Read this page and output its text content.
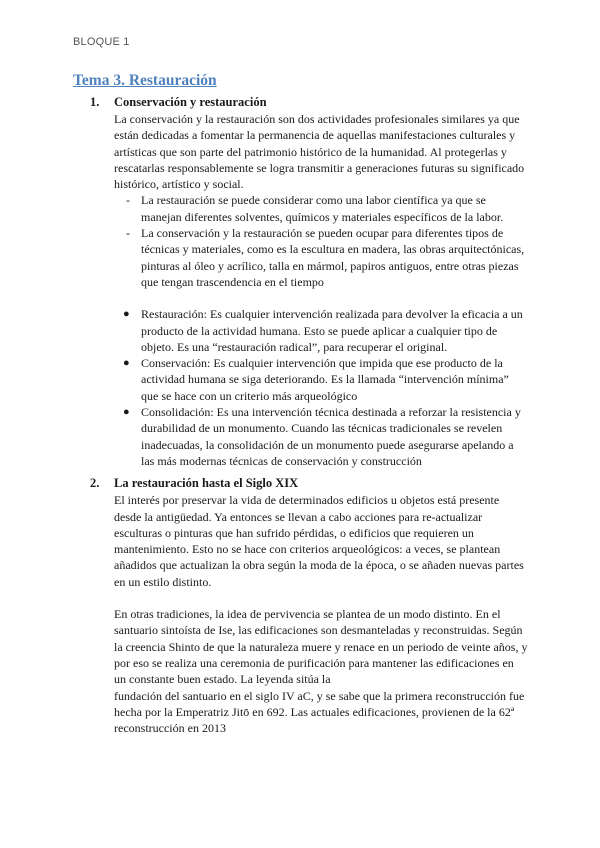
BLOQUE 1
Tema 3. Restauración
1.	Conservación y restauración
La conservación y la restauración son dos actividades profesionales similares ya que están dedicadas a fomentar la permanencia de aquellas manifestaciones culturales y artísticas que son parte del patrimonio histórico de la humanidad. Al protegerlas y rescatarlas responsablemente se logra transmitir a generaciones futuras su significado histórico, artístico y social.
- La restauración se puede considerar como una labor científica ya que se manejan diferentes solventes, químicos y materiales específicos de la labor.
- La conservación y la restauración se pueden ocupar para diferentes tipos de técnicas y materiales, como es la escultura en madera, las obras arquitectónicas, pinturas al óleo y acrílico, talla en mármol, papiros antiguos, entre otras piezas que tengan trascendencia en el tiempo
● Restauración: Es cualquier intervención realizada para devolver la eficacia a un producto de la actividad humana. Esto se puede aplicar a cualquier tipo de objeto. Es una “restauración radical”, para recuperar el original.
● Conservación: Es cualquier intervención que impida que ese producto de la actividad humana se siga deteriorando. Es la llamada “intervención mínima” que se hace con un criterio más arqueológico
● Consolidación: Es una intervención técnica destinada a reforzar la resistencia y durabilidad de un monumento. Cuando las técnicas tradicionales se revelen inadecuadas, la consolidación de un monumento puede asegurarse apelando a las más modernas técnicas de conservación y construcción
2.	La restauración hasta el Siglo XIX
El interés por preservar la vida de determinados edificios u objetos está presente desde la antigüedad. Ya entonces se llevan a cabo acciones para re-actualizar esculturas o pinturas que han sufrido pérdidas, o edificios que requieren un mantenimiento. Esto no se hace con criterios arqueológicos: a veces, se plantean añadidos que actualizan la obra según la moda de la época, o se añaden nuevas partes en un estilo distinto.
En otras tradiciones, la idea de pervivencia se plantea de un modo distinto. En el santuario sintoísta de Ise, las edificaciones son desmanteladas y reconstruidas. Según la creencia Shinto de que la naturaleza muere y renace en un periodo de veinte años, y por eso se realiza una ceremonia de purificación para mantener las edificaciones en un constante buen estado. La leyenda sitúa la
fundación del santuario en el siglo IV aC, y se sabe que la primera reconstrucción fue hecha por la Emperatriz Jitō en 692. Las actuales edificaciones, provienen de la 62ª reconstrucción en 2013
